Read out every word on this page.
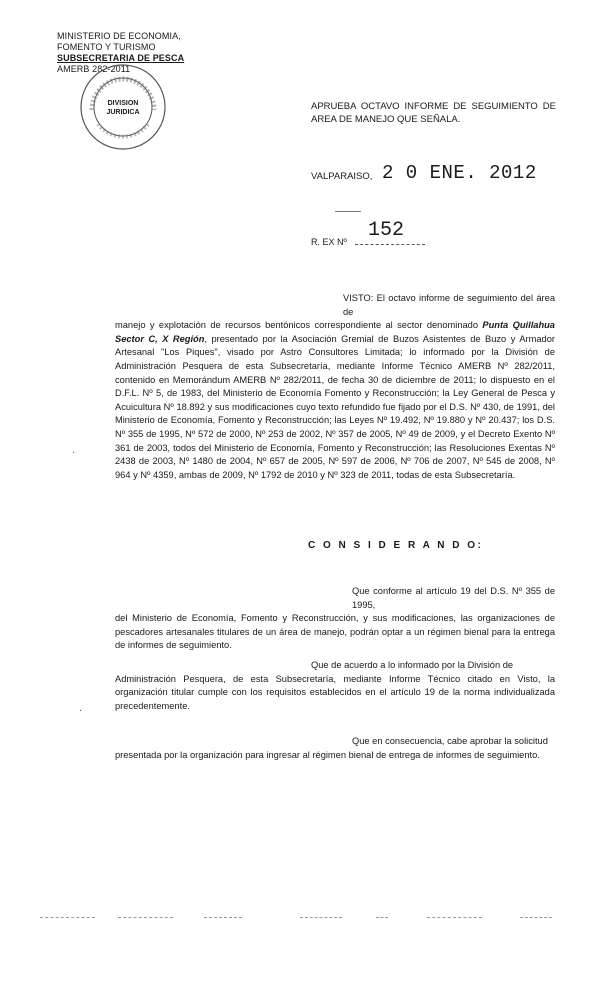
MINISTERIO DE ECONOMIA,
FOMENTO Y TURISMO
SUBSECRETARIA DE PESCA
AMERB 282-2011
DIVISION JURIDICA
APRUEBA OCTAVO INFORME DE SEGUIMIENTO DE AREA DE MANEJO QUE SEÑALA.
VALPARAISO, 2 0 ENE. 2012
R. EX Nº 152
VISTO: El octavo informe de seguimiento del área de
manejo y explotación de recursos bentónicos correspondiente al sector denominado Punta Quillahua Sector C, X Región, presentado por la Asociación Gremial de Buzos Asistentes de Buzo y Armador Artesanal "Los Piques", visado por Astro Consultores Limitada; lo informado por la División de Administración Pesquera de esta Subsecretaría, mediante Informe Técnico AMERB Nº 282/2011, contenido en Memorándum AMERB Nº 282/2011, de fecha 30 de diciembre de 2011; lo dispuesto en el D.F.L. Nº 5, de 1983, del Ministerio de Economía Fomento y Reconstrucción; la Ley General de Pesca y Acuicultura Nº 18.892 y sus modificaciones cuyo texto refundido fue fijado por el D.S. Nº 430, de 1991, del Ministerio de Economía, Fomento y Reconstrucción; las Leyes Nº 19.492, Nº 19.880 y Nº 20.437; los D.S. Nº 355 de 1995, Nº 572 de 2000, Nº 253 de 2002, Nº 357 de 2005, Nº 49 de 2009, y el Decreto Exento Nº 361 de 2003, todos del Ministerio de Economía, Fomento y Reconstrucción; las Resoluciones Exentas Nº 2438 de 2003, Nº 1480 de 2004, Nº 657 de 2005, Nº 597 de 2006, Nº 706 de 2007, Nº 545 de 2008, Nº 964 y Nº 4359, ambas de 2009, Nº 1792 de 2010 y Nº 323 de 2011, todas de esta Subsecretaría.
·
·
C O N S I D E R A N D O:
Que conforme al artículo 19 del D.S. Nº 355 de 1995,
del Ministerio de Economía, Fomento y Reconstrucción, y sus modificaciones, las organizaciones de pescadores artesanales titulares de un área de manejo, podrán optar a un régimen bienal para la entrega de informes de seguimiento.
Que de acuerdo a lo informado por la División de
Administración Pesquera, de esta Subsecretaría, mediante Informe Técnico citado en Visto, la organización titular cumple con los requisitos establecidos en el artículo 19 de la norma individualizada precedentemente.
Que en consecuencia, cabe aprobar la solicitud
presentada por la organización para ingresar al régimen bienal de entrega de informes de seguimiento.
